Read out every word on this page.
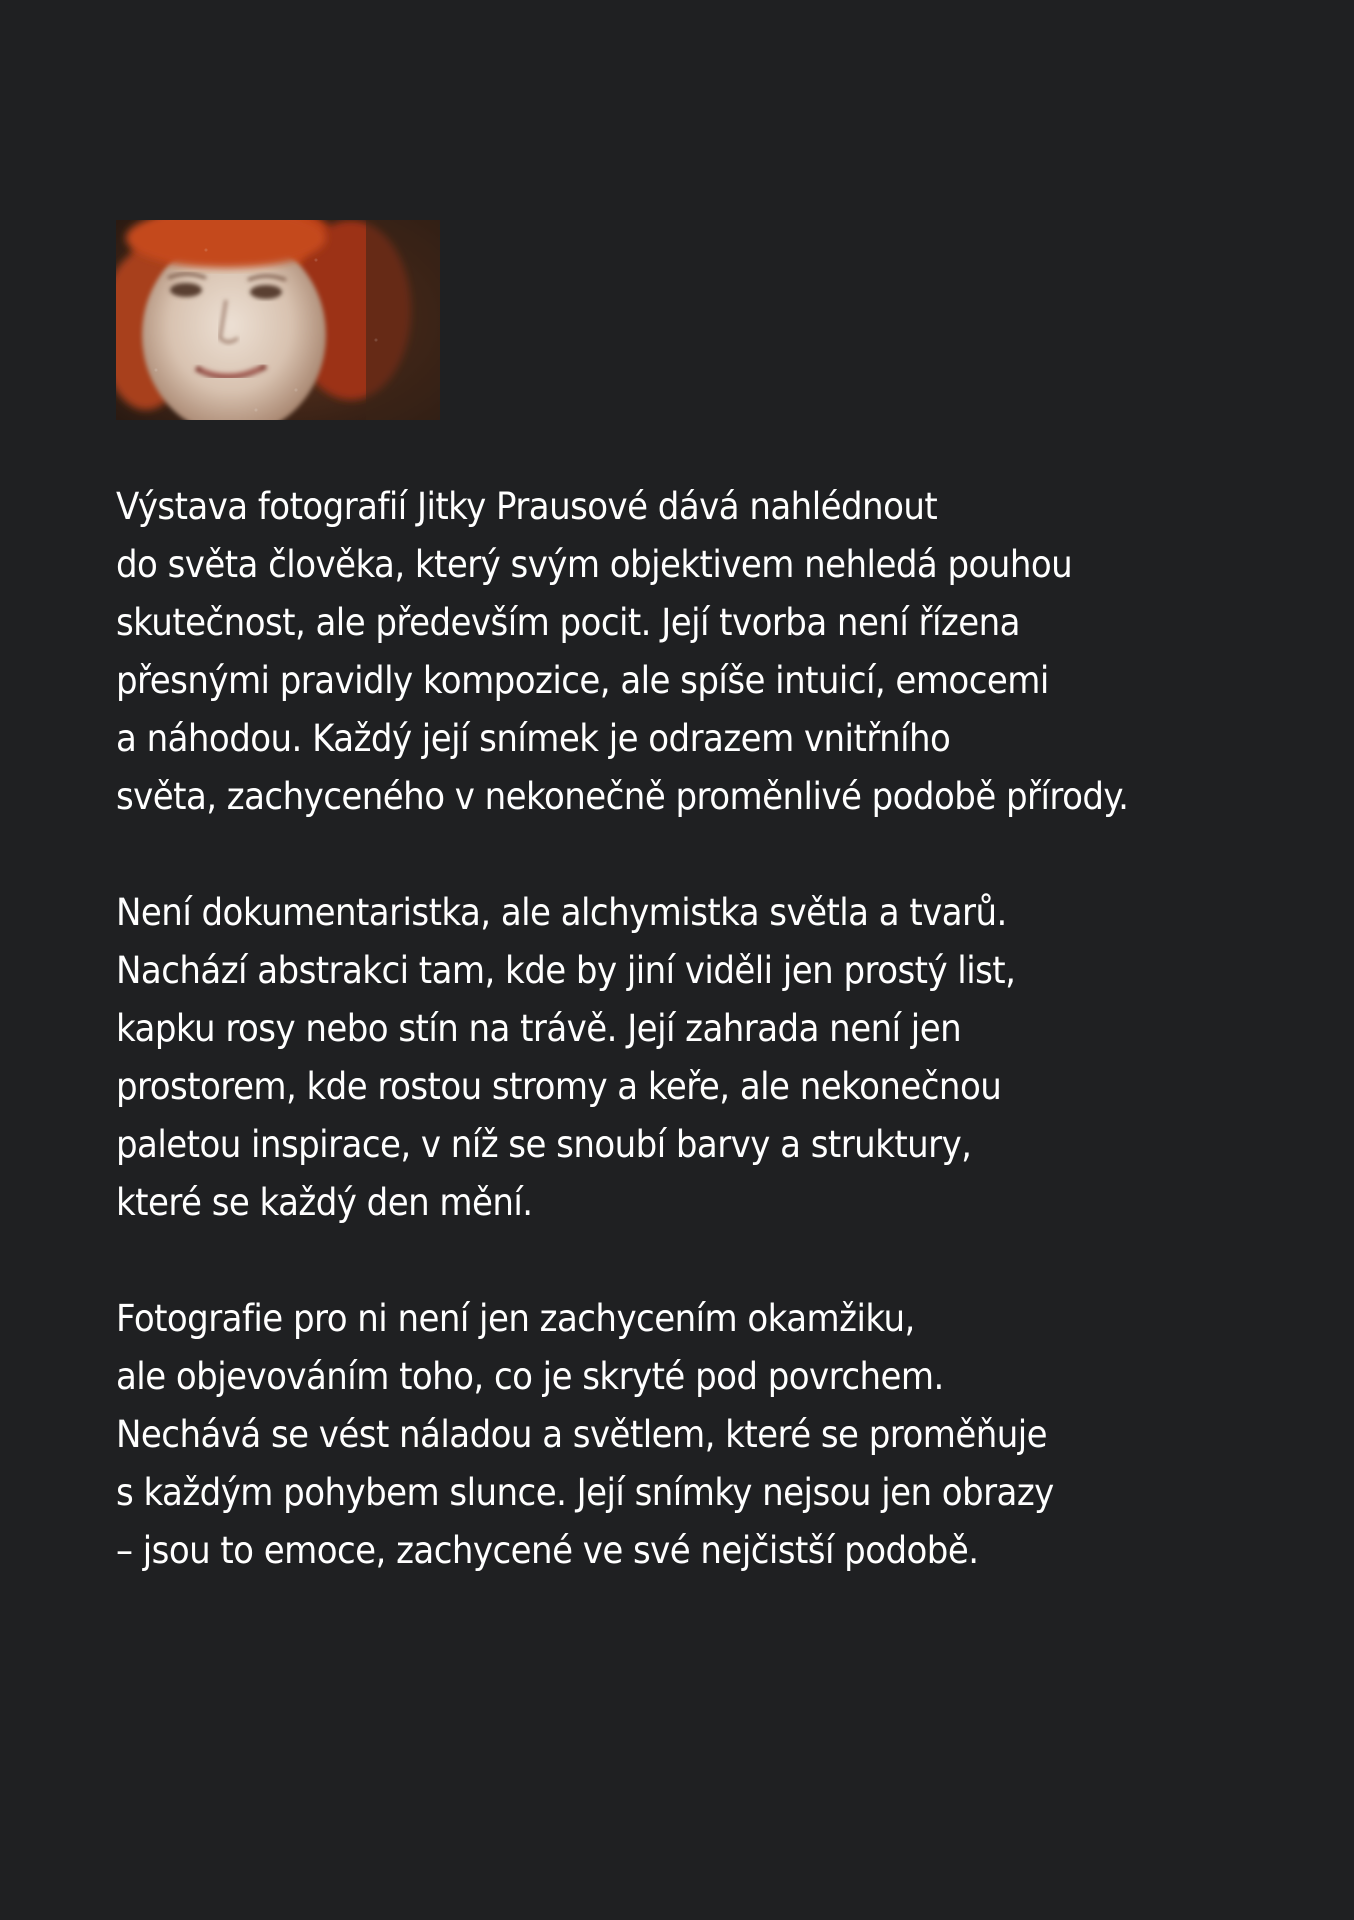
Výstava fotografií Jitky Prausové dává nahlédnout
do světa člověka, který svým objektivem nehledá pouhou
skutečnost, ale především pocit. Její tvorba není řízena
přesnými pravidly kompozice, ale spíše intuicí, emocemi
a náhodou. Každý její snímek je odrazem vnitřního
světa, zachyceného v nekonečně proměnlivé podobě přírody.

Není dokumentaristka, ale alchymistka světla a tvarů.
Nachází abstrakci tam, kde by jiní viděli jen prostý list,
kapku rosy nebo stín na trávě. Její zahrada není jen
prostorem, kde rostou stromy a keře, ale nekonečnou
paletou inspirace, v níž se snoubí barvy a struktury,
které se každý den mění.

Fotografie pro ni není jen zachycením okamžiku,
ale objevováním toho, co je skryté pod povrchem.
Nechává se vést náladou a světlem, které se proměňuje
s každým pohybem slunce. Její snímky nejsou jen obrazy
– jsou to emoce, zachycené ve své nejčistší podobě.
